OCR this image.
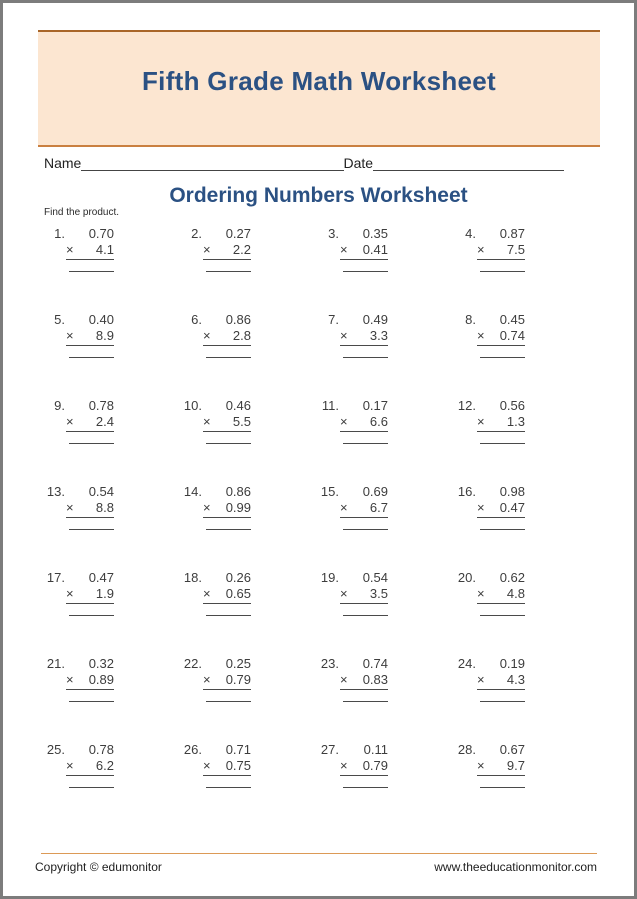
Fifth Grade Math Worksheet
Name	Date
Ordering Numbers Worksheet
Find the product.
1.	0.70
× 4.1
2.	0.27
× 2.2
3.	0.35
× 0.41
4.	0.87
× 7.5
5.	0.40
× 8.9
6.	0.86
× 2.8
7.	0.49
× 3.3
8.	0.45
× 0.74
9.	0.78
× 2.4
10.	0.46
× 5.5
11.	0.17
× 6.6
12.	0.56
× 1.3
13.	0.54
× 8.8
14.	0.86
× 0.99
15.	0.69
× 6.7
16.	0.98
× 0.47
17.	0.47
× 1.9
18.	0.26
× 0.65
19.	0.54
× 3.5
20.	0.62
× 4.8
21.	0.32
× 0.89
22.	0.25
× 0.79
23.	0.74
× 0.83
24.	0.19
× 4.3
25.	0.78
× 6.2
26.	0.71
× 0.75
27.	0.11
× 0.79
28.	0.67
× 9.7
Copyright © edumonitor	www.theeducationmonitor.com
